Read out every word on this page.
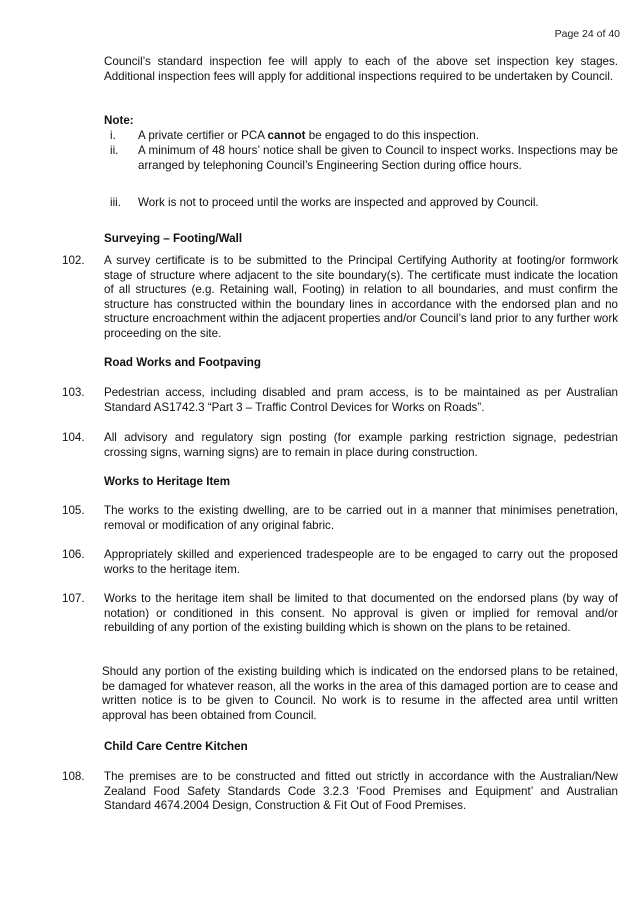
Page 24 of 40
Council’s standard inspection fee will apply to each of the above set inspection key stages. Additional inspection fees will apply for additional inspections required to be undertaken by Council.
Note:
i.	A private certifier or PCA cannot be engaged to do this inspection.
ii.	A minimum of 48 hours’ notice shall be given to Council to inspect works. Inspections may be arranged by telephoning Council’s Engineering Section during office hours.
iii.	Work is not to proceed until the works are inspected and approved by Council.
Surveying – Footing/Wall
102. A survey certificate is to be submitted to the Principal Certifying Authority at footing/or formwork stage of structure where adjacent to the site boundary(s). The certificate must indicate the location of all structures (e.g. Retaining wall, Footing) in relation to all boundaries, and must confirm the structure has constructed within the boundary lines in accordance with the endorsed plan and no structure encroachment within the adjacent properties and/or Council’s land prior to any further work proceeding on the site.
Road Works and Footpaving
103. Pedestrian access, including disabled and pram access, is to be maintained as per Australian Standard AS1742.3 “Part 3 – Traffic Control Devices for Works on Roads”.
104. All advisory and regulatory sign posting (for example parking restriction signage, pedestrian crossing signs, warning signs) are to remain in place during construction.
Works to Heritage Item
105. The works to the existing dwelling, are to be carried out in a manner that minimises penetration, removal or modification of any original fabric.
106. Appropriately skilled and experienced tradespeople are to be engaged to carry out the proposed works to the heritage item.
107. Works to the heritage item shall be limited to that documented on the endorsed plans (by way of notation) or conditioned in this consent. No approval is given or implied for removal and/or rebuilding of any portion of the existing building which is shown on the plans to be retained.
Should any portion of the existing building which is indicated on the endorsed plans to be retained, be damaged for whatever reason, all the works in the area of this damaged portion are to cease and written notice is to be given to Council. No work is to resume in the affected area until written approval has been obtained from Council.
Child Care Centre Kitchen
108. The premises are to be constructed and fitted out strictly in accordance with the Australian/New Zealand Food Safety Standards Code 3.2.3 ‘Food Premises and Equipment’ and Australian Standard 4674.2004 Design, Construction & Fit Out of Food Premises.
